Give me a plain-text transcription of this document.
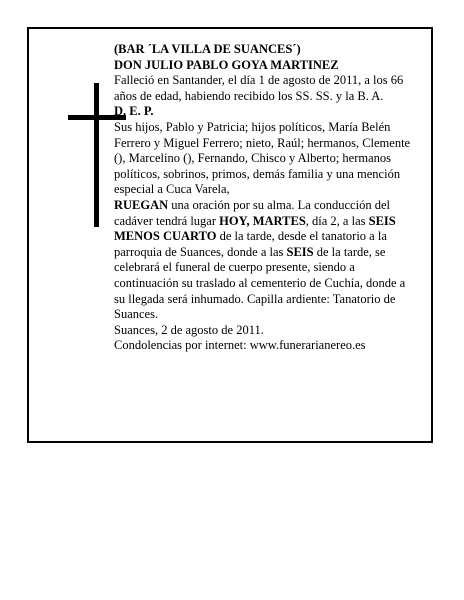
(BAR ´LA VILLA DE SUANCES´)

DON JULIO PABLO GOYA MARTINEZ

Falleció en Santander, el día 1 de agosto de 2011, a los 66 años de edad, habiendo recibido los SS. SS. y la B. A.

D. E. P.

Sus hijos, Pablo y Patricia; hijos políticos, María Belén Ferrero y Miguel Ferrero; nieto, Raúl; hermanos, Clemente (), Marcelino (), Fernando, Chisco y Alberto; hermanos políticos, sobrinos, primos, demás familia y una mención especial a Cuca Varela,

RUEGAN una oración por su alma. La conducción del cadáver tendrá lugar HOY, MARTES, día 2, a las SEIS MENOS CUARTO de la tarde, desde el tanatorio a la parroquia de Suances, donde a las SEIS de la tarde, se celebrará el funeral de cuerpo presente, siendo a continuación su traslado al cementerio de Cuchía, donde a su llegada será inhumado. Capilla ardiente: Tanatorio de Suances.

Suances, 2 de agosto de 2011.

Condolencias por internet: www.funerarianereo.es
